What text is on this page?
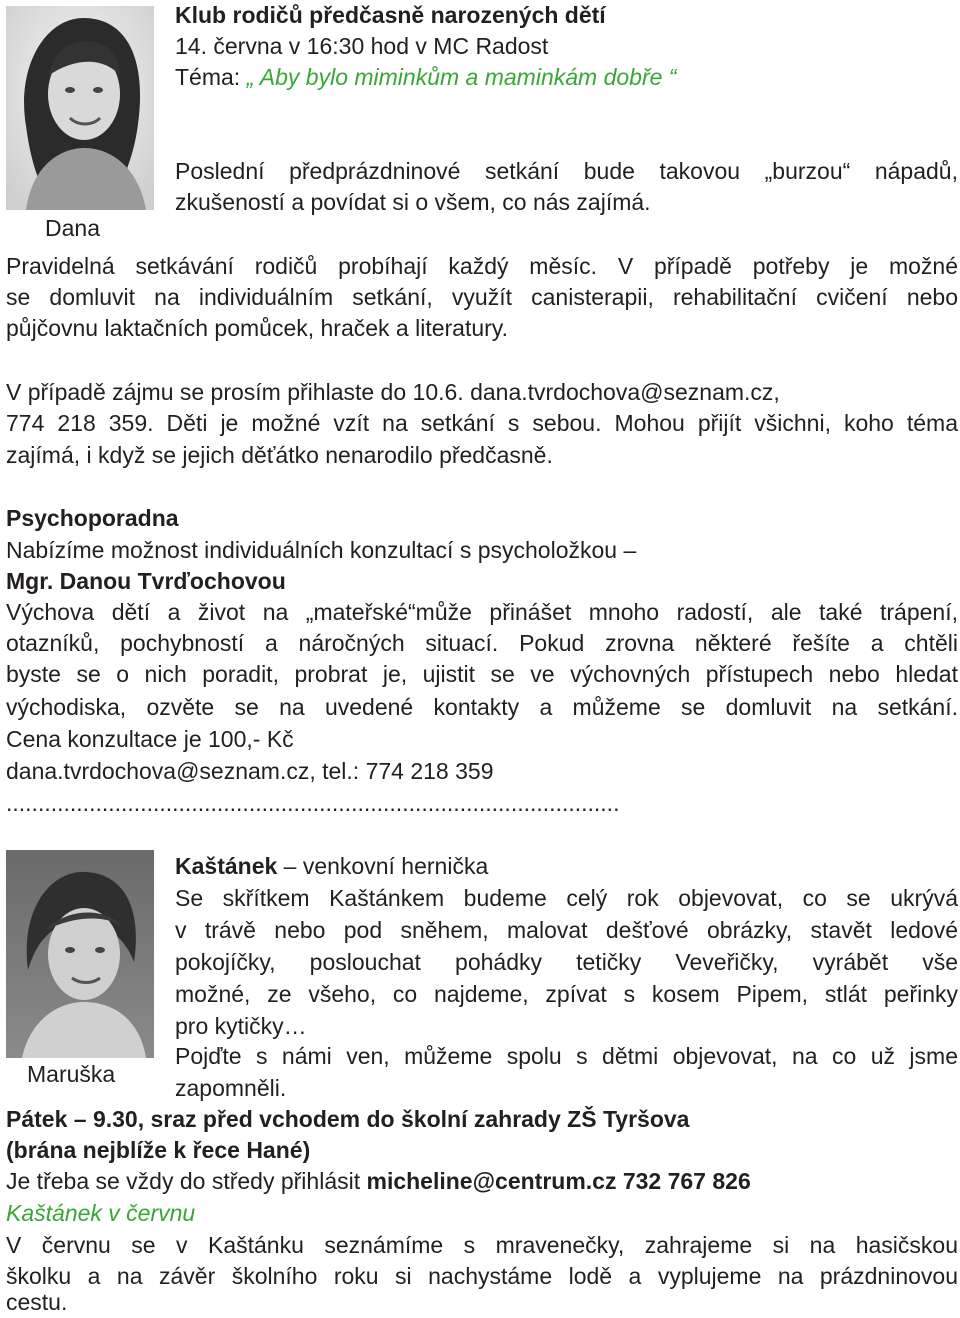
Dana
Klub rodičů předčasně narozených dětí
14. června v 16:30 hod v MC Radost
Téma: „ Aby bylo miminkům a maminkám dobře “
Poslední předprázdninové setkání bude takovou „burzou“ nápadů,
zkušeností a povídat si o všem, co nás zajímá.
Pravidelná setkávání rodičů probíhají každý měsíc. V případě potřeby je možné
se domluvit na individuálním setkání, využít canisterapii, rehabilitační cvičení nebo
půjčovnu laktačních pomůcek, hraček a literatury.
V případě zájmu se prosím přihlaste do 10.6. dana.tvrdochova@seznam.cz,
774 218 359. Děti je možné vzít na setkání s sebou. Mohou přijít všichni, koho téma
zajímá, i když se jejich děťátko nenarodilo předčasně.
Psychoporadna
Nabízíme možnost individuálních konzultací s psycholožkou –
Mgr. Danou Tvrďochovou
Výchova dětí a život na „mateřské“může přinášet mnoho radostí, ale také trápení,
otazníků, pochybností a náročných situací. Pokud zrovna některé řešíte a chtěli
byste se o nich poradit, probrat je, ujistit se ve výchovných přístupech nebo hledat
východiska, ozvěte se na uvedené kontakty a můžeme se domluvit na setkání.
Cena konzultace je 100,- Kč
dana.tvrdochova@seznam.cz, tel.: 774 218 359
................................................................................................
Maruška
Kaštánek – venkovní hernička
Se skřítkem Kaštánkem budeme celý rok objevovat, co se ukrývá
v trávě nebo pod sněhem, malovat dešťové obrázky, stavět ledové
pokojíčky, poslouchat pohádky tetičky Veveřičky, vyrábět vše
možné, ze všeho, co najdeme, zpívat s kosem Pipem, stlát peřinky
pro kytičky…
Pojďte s námi ven, můžeme spolu s dětmi objevovat, na co už jsme
zapomněli.
Pátek – 9.30, sraz před vchodem do školní zahrady ZŠ Tyršova
(brána nejblíže k řece Hané)
Je třeba se vždy do středy přihlásit micheline@centrum.cz 732 767 826
Kaštánek v červnu
V červnu se v Kaštánku seznámíme s mravenečky, zahrajeme si na hasičskou
školku a na závěr školního roku si nachystáme lodě a vyplujeme na prázdninovou
cestu.
